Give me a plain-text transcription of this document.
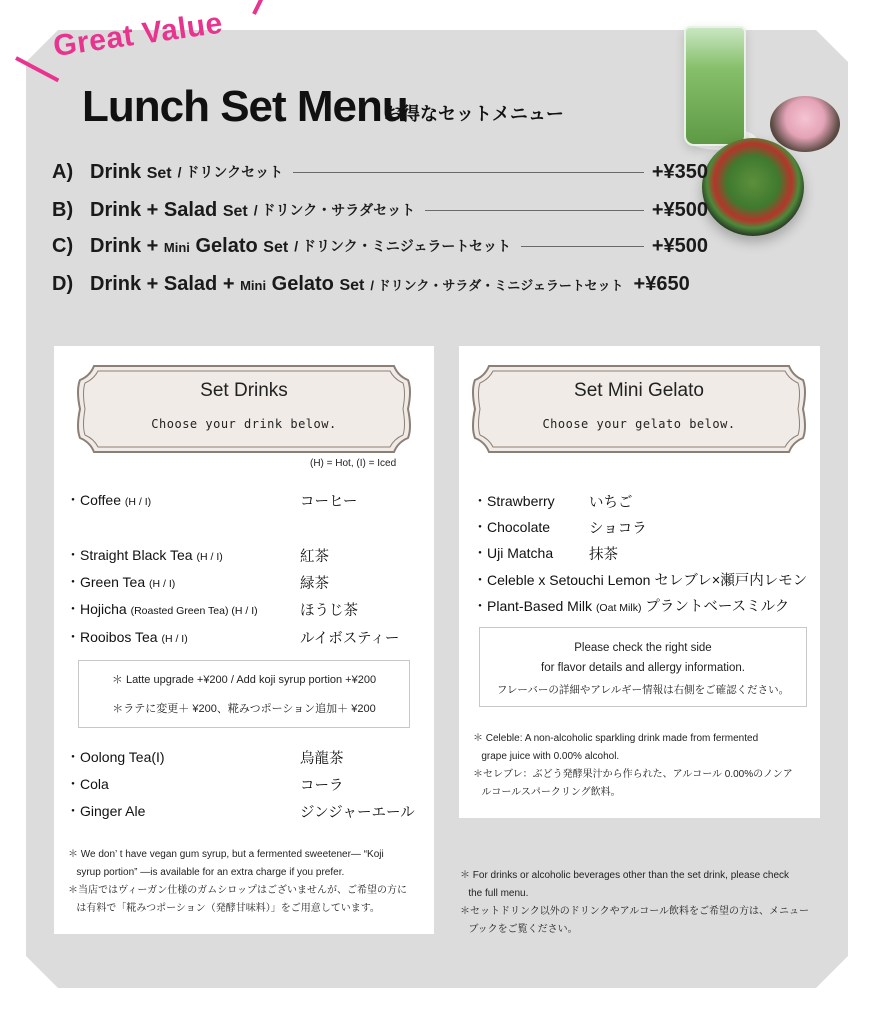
Great Value
Lunch Set Menu
お得なセットメニュー
A) Drink Set / ドリンクセット	+¥350
B) Drink + Salad Set / ドリンク・サラダセット	+¥500
C) Drink + Mini Gelato Set / ドリンク・ミニジェラートセット	+¥500
D) Drink + Salad + Mini Gelato Set / ドリンク・サラダ・ミニジェラートセット +¥650
Set Drinks
Choose your drink below.
(H) = Hot, (I) = Iced
・Coffee (H / I)	コーヒー
・Straight Black Tea (H / I)	紅茶
・Green Tea (H / I)	緑茶
・Hojicha (Roasted Green Tea) (H / I)	ほうじ茶
・Rooibos Tea (H / I)	ルイボスティー
＊ Latte upgrade +¥200 / Add koji syrup portion +¥200
＊ラテに変更＋ ¥200、糀みつポーション追加＋ ¥200
・Oolong Tea(I)	烏龍茶
・Cola	コーラ
・Ginger Ale	ジンジャーエール
＊ We don’ t have vegan gum syrup, but a fermented sweetener— “Koji
syrup portion” —is available for an extra charge if you prefer.
＊当店ではヴィーガン仕様のガムシロップはございませんが、ご希望の方に
は有料で「糀みつポーション（発酵甘味料）」をご用意しています。
Set Mini Gelato
Choose your gelato below.
・Strawberry いちご
・Chocolate	ショコラ
・Uji Matcha 抹茶
・Celeble x Setouchi Lemon セレブレ×瀬戸内レモン
・Plant-Based Milk (Oat Milk) プラントベースミルク
Please check the right side
for flavor details and allergy information.
フレーバーの詳細やアレルギー情報は右側をご確認ください。
＊ Celeble: A non-alcoholic sparkling drink made from fermented
grape juice with 0.00% alcohol.
＊セレブレ：ぶどう発酵果汁から作られた、アルコール 0.00%のノンア
ルコールスパークリング飲料。
＊ For drinks or alcoholic beverages other than the set drink, please check
the full menu.
＊セットドリンク以外のドリンクやアルコール飲料をご希望の方は、メニュー
ブックをご覧ください。
